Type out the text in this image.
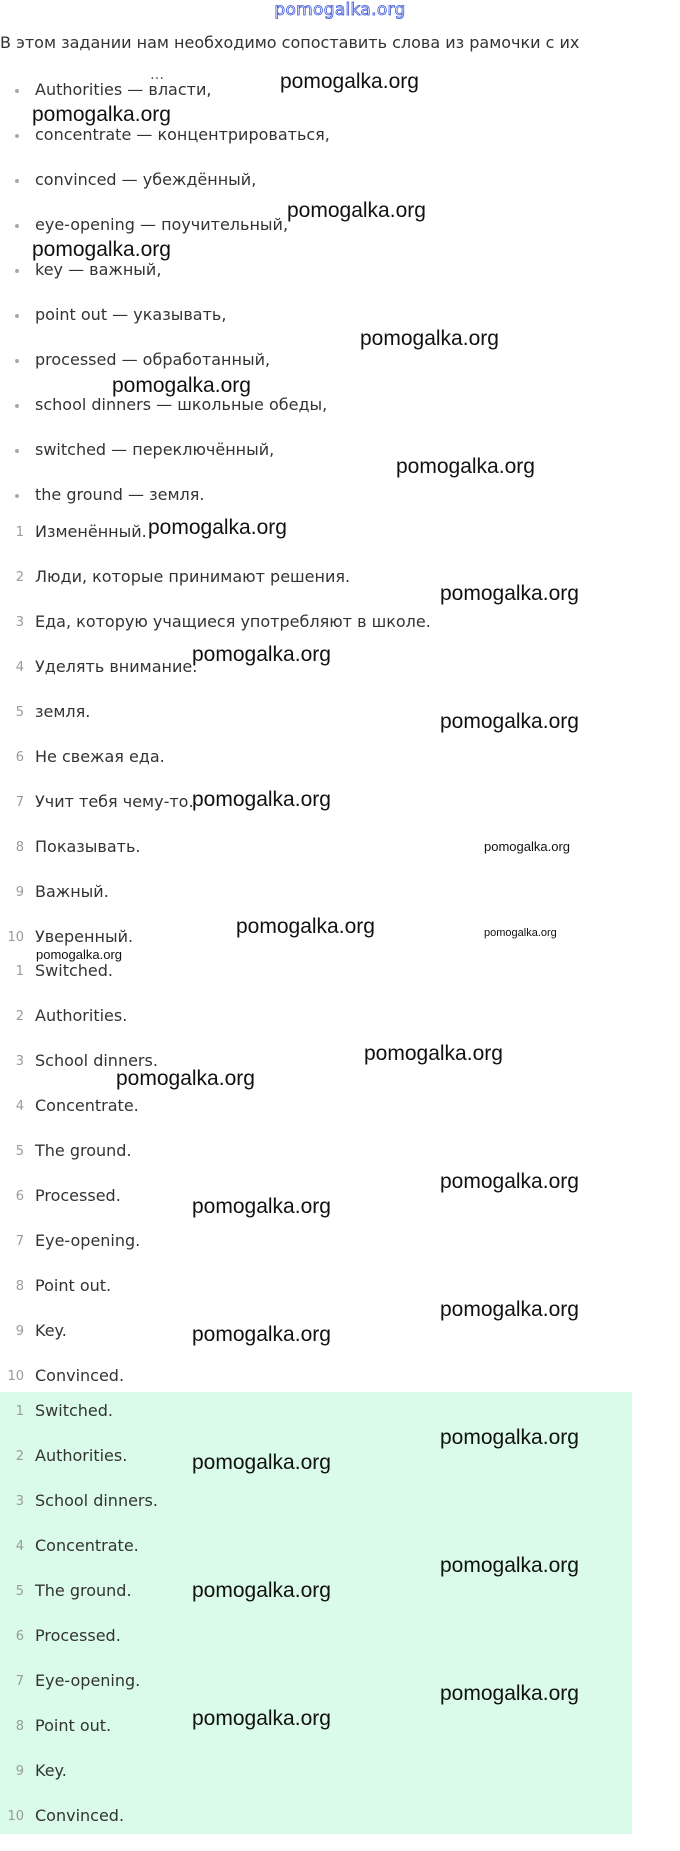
pomogalka.org
В этом задании нам необходимо сопоставить слова из рамочки с их
…
Authorities — власти,
concentrate — концентрироваться,
convinced — убеждённый,
eye-opening — поучительный,
key — важный,
point out — указывать,
processed — обработанный,
school dinners — школьные обеды,
switched — переключённый,
the ground — земля.
1 Изменённый.
2 Люди, которые принимают решения.
3 Еда, которую учащиеся употребляют в школе.
4 Уделять внимание.
5 земля.
6 Не свежая еда.
7 Учит тебя чему-то.
8 Показывать.
9 Важный.
10 Уверенный.
1 Switched.
2 Authorities.
3 School dinners.
4 Concentrate.
5 The ground.
6 Processed.
7 Eye-opening.
8 Point out.
9 Key.
10 Convinced.
1 Switched.
2 Authorities.
3 School dinners.
4 Concentrate.
5 The ground.
6 Processed.
7 Eye-opening.
8 Point out.
9 Key.
10 Convinced.
pomogalka.org
pomogalka.org
pomogalka.org
pomogalka.org
pomogalka.org
pomogalka.org
pomogalka.org
pomogalka.org
pomogalka.org
pomogalka.org
pomogalka.org
pomogalka.org
pomogalka.org
pomogalka.org	pomogalka.org
pomogalka.org
pomogalka.org
pomogalka.org
pomogalka.org
pomogalka.org
pomogalka.org
pomogalka.org
pomogalka.org
pomogalka.org
pomogalka.org
pomogalka.org
pomogalka.org
pomogalka.org
